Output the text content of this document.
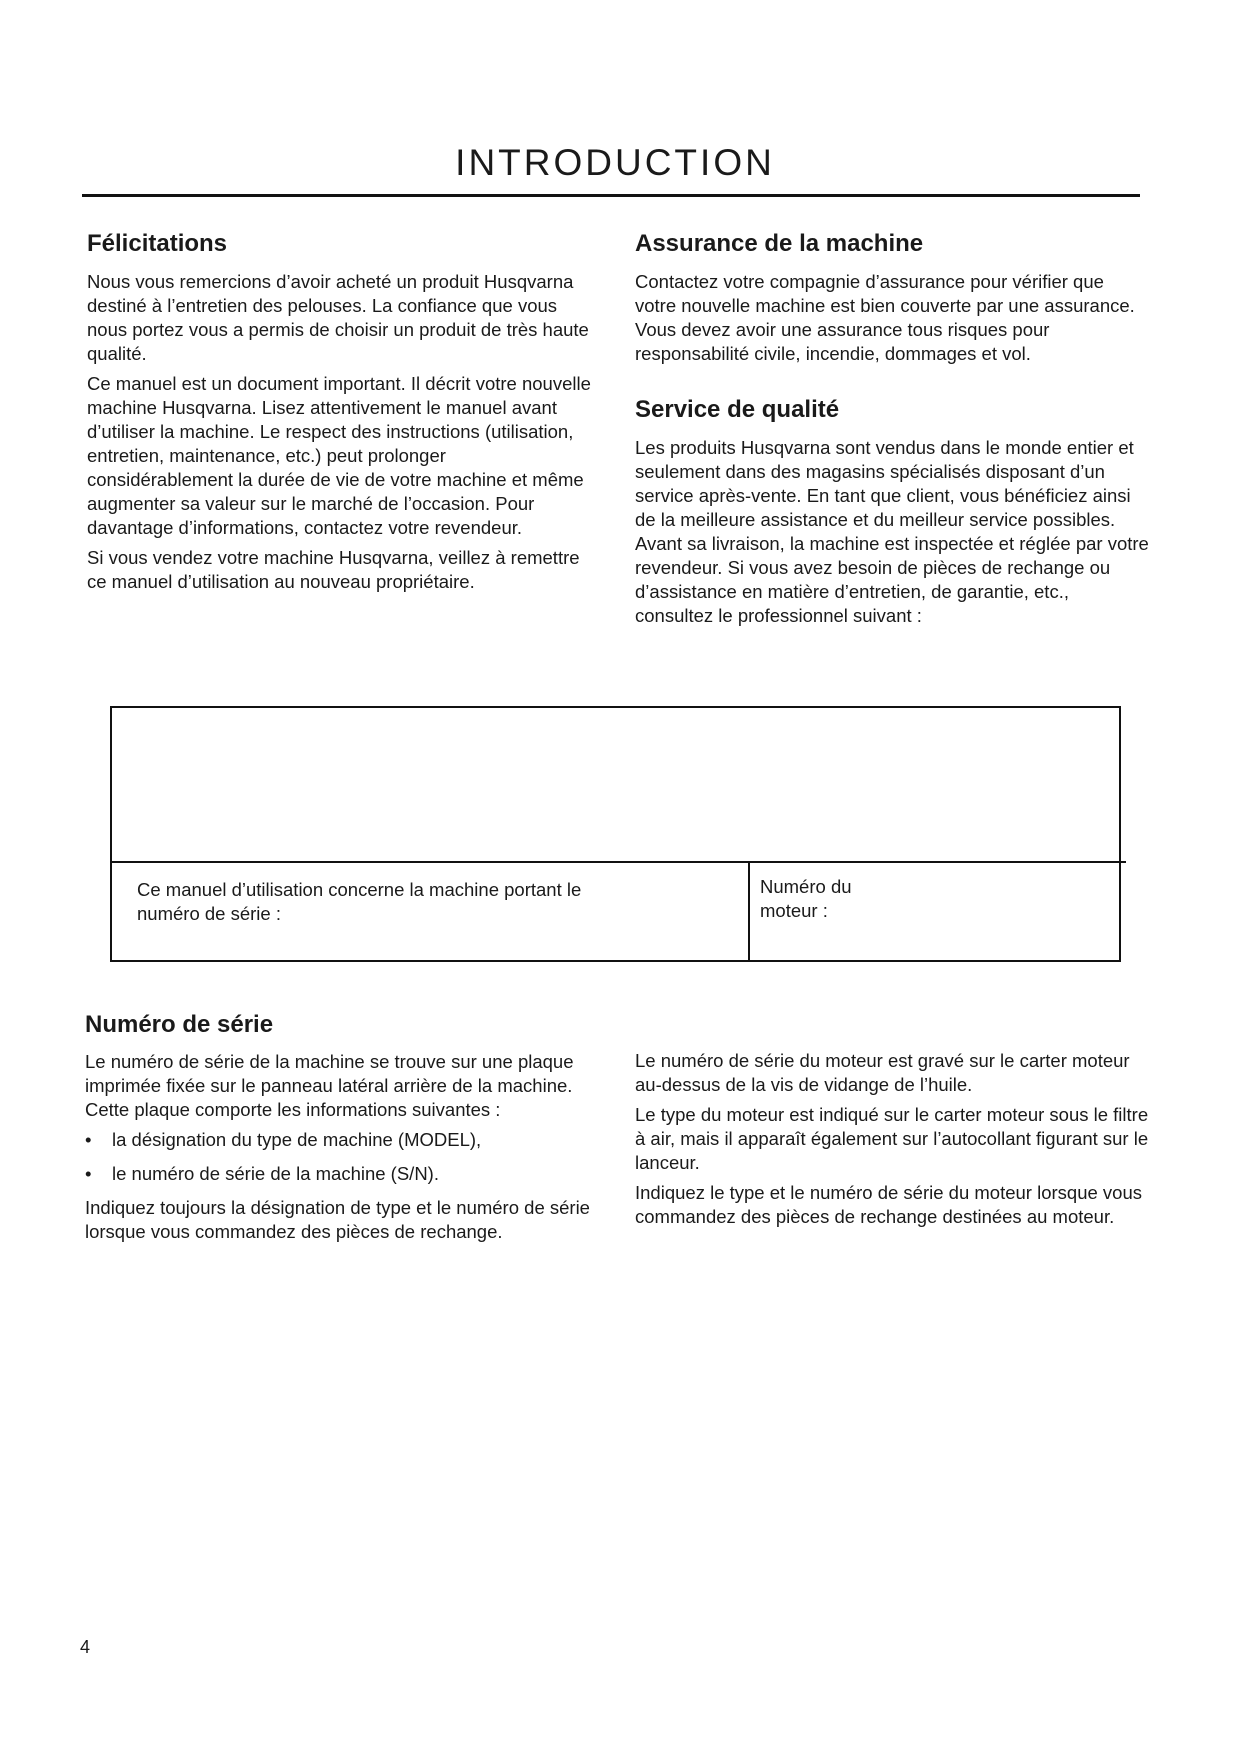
INTRODUCTION
Félicitations

Nous vous remercions d’avoir acheté un produit Husqvarna destiné à l’entretien des pelouses. La confiance que vous nous portez vous a permis de choisir un produit de très haute qualité.

Ce manuel est un document important. Il décrit votre nouvelle machine Husqvarna. Lisez attentivement le manuel avant d’utiliser la machine. Le respect des instructions (utilisation, entretien, maintenance, etc.) peut prolonger considérablement la durée de vie de votre machine et même augmenter sa valeur sur le marché de l’occasion. Pour davantage d’informations, contactez votre revendeur.

Si vous vendez votre machine Husqvarna, veillez à remettre ce manuel d’utilisation au nouveau propriétaire.

Assurance de la machine

Contactez votre compagnie d’assurance pour vérifier que votre nouvelle machine est bien couverte par une assurance. Vous devez avoir une assurance tous risques pour responsabilité civile, incendie, dommages et vol.

Service de qualité

Les produits Husqvarna sont vendus dans le monde entier et seulement dans des magasins spécialisés disposant d’un service après-vente. En tant que client, vous bénéficiez ainsi de la meilleure assistance et du meilleur service possibles. Avant sa livraison, la machine est inspectée et réglée par votre revendeur. Si vous avez besoin de pièces de rechange ou d’assistance en matière d’entretien, de garantie, etc., consultez le professionnel suivant :

Ce manuel d’utilisation concerne la machine portant le numéro de série :
Numéro du moteur :
Numéro de série

Le numéro de série de la machine se trouve sur une plaque imprimée fixée sur le panneau latéral arrière de la machine. Cette plaque comporte les informations suivantes :

•	la désignation du type de machine (MODEL),
•	le numéro de série de la machine (S/N).

Indiquez toujours la désignation de type et le numéro de série lorsque vous commandez des pièces de rechange.

Le numéro de série du moteur est gravé sur le carter moteur au-dessus de la vis de vidange de l’huile.

Le type du moteur est indiqué sur le carter moteur sous le filtre à air, mais il apparaît également sur l’autocollant figurant sur le lanceur.

Indiquez le type et le numéro de série du moteur lorsque vous commandez des pièces de rechange destinées au moteur.

4
